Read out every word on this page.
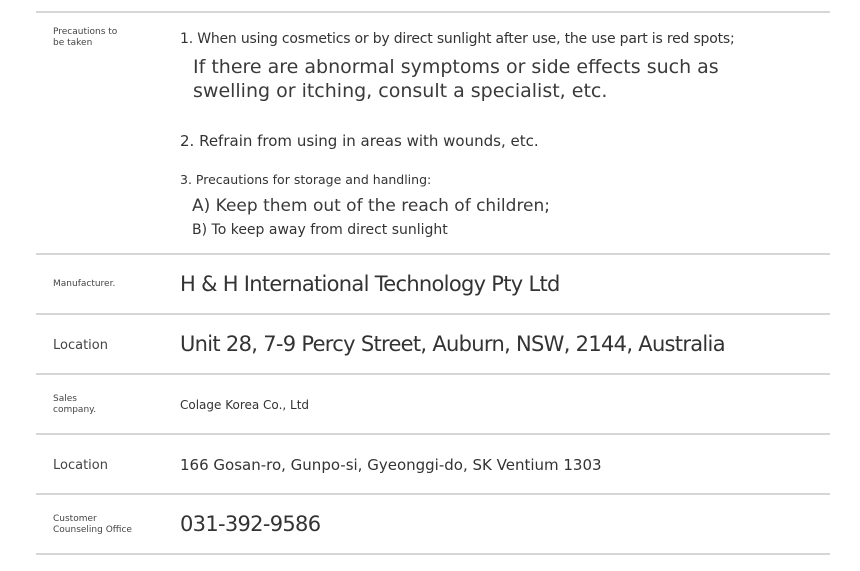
Precautions to be taken	1. When using cosmetics or by direct sunlight after use, the use part is red spots;
If there are abnormal symptoms or side effects such as swelling or itching, consult a specialist, etc.
2. Refrain from using in areas with wounds, etc.
3. Precautions for storage and handling:
A) Keep them out of the reach of children;
B) To keep away from direct sunlight
Manufacturer.	H & H International Technology Pty Ltd
Location	Unit 28, 7-9 Percy Street, Auburn, NSW, 2144, Australia
Sales company.	Colage Korea Co., Ltd
Location	166 Gosan-ro, Gunpo-si, Gyeonggi-do, SK Ventium 1303
Customer Counseling Office 031-392-9586
